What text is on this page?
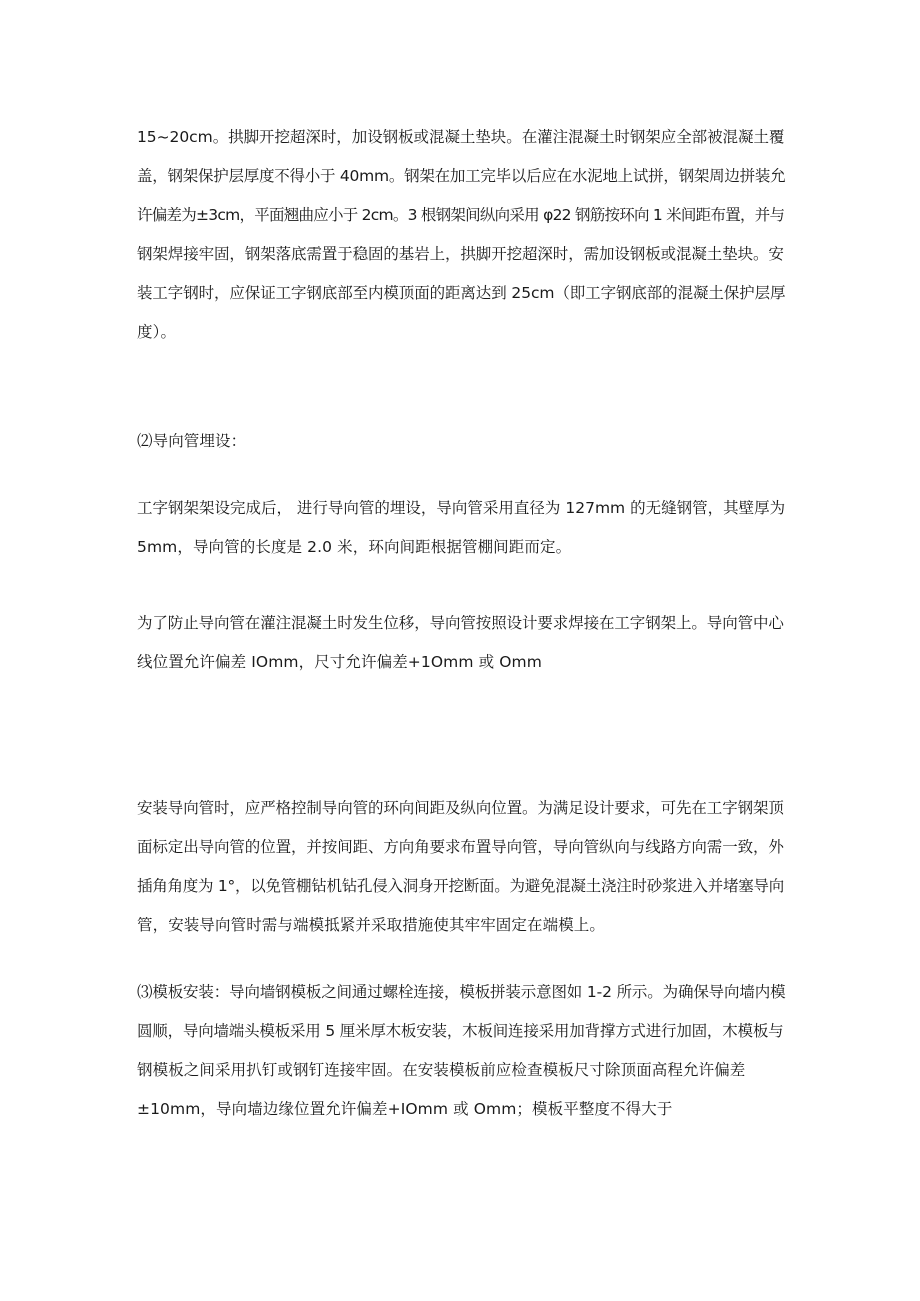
15~20cm。拱脚开挖超深时，加设钢板或混凝土垫块。在灌注混凝土时钢架应全部被混凝土覆
盖，钢架保护层厚度不得小于 40mm。钢架在加工完毕以后应在水泥地上试拼，钢架周边拼装允
许偏差为±3cm，平面翘曲应小于 2cm。3 根钢架间纵向采用 φ22 钢筋按环向 1 米间距布置，并与
钢架焊接牢固，钢架落底需置于稳固的基岩上，拱脚开挖超深时，需加设钢板或混凝土垫块。安
装工字钢时，应保证工字钢底部至内模顶面的距离达到 25cm（即工字钢底部的混凝土保护层厚
度）。
⑵导向管埋设：
工字钢架架设完成后， 进行导向管的埋设，导向管采用直径为 127mm 的无缝钢管，其壁厚为
5mm，导向管的长度是 2.0 米，环向间距根据管棚间距而定。
为了防止导向管在灌注混凝土时发生位移，导向管按照设计要求焊接在工字钢架上。导向管中心
线位置允许偏差 IOmm，尺寸允许偏差+1Omm 或 Omm
安装导向管时，应严格控制导向管的环向间距及纵向位置。为满足设计要求，可先在工字钢架顶
面标定出导向管的位置，并按间距、方向角要求布置导向管，导向管纵向与线路方向需一致，外
插角角度为 1°，以免管棚钻机钻孔侵入洞身开挖断面。为避免混凝土浇注时砂浆进入并堵塞导向
管，安装导向管时需与端模抵紧并采取措施使其牢牢固定在端模上。
⑶模板安装：导向墙钢模板之间通过螺栓连接，模板拼装示意图如 1-2 所示。为确保导向墙内模
圆顺，导向墙端头模板采用 5 厘米厚木板安装，木板间连接采用加背撑方式进行加固，木模板与
钢模板之间采用扒钉或钢钉连接牢固。在安装模板前应检查模板尺寸除顶面高程允许偏差
±10mm，导向墙边缘位置允许偏差+IOmm 或 Omm；模板平整度不得大于
